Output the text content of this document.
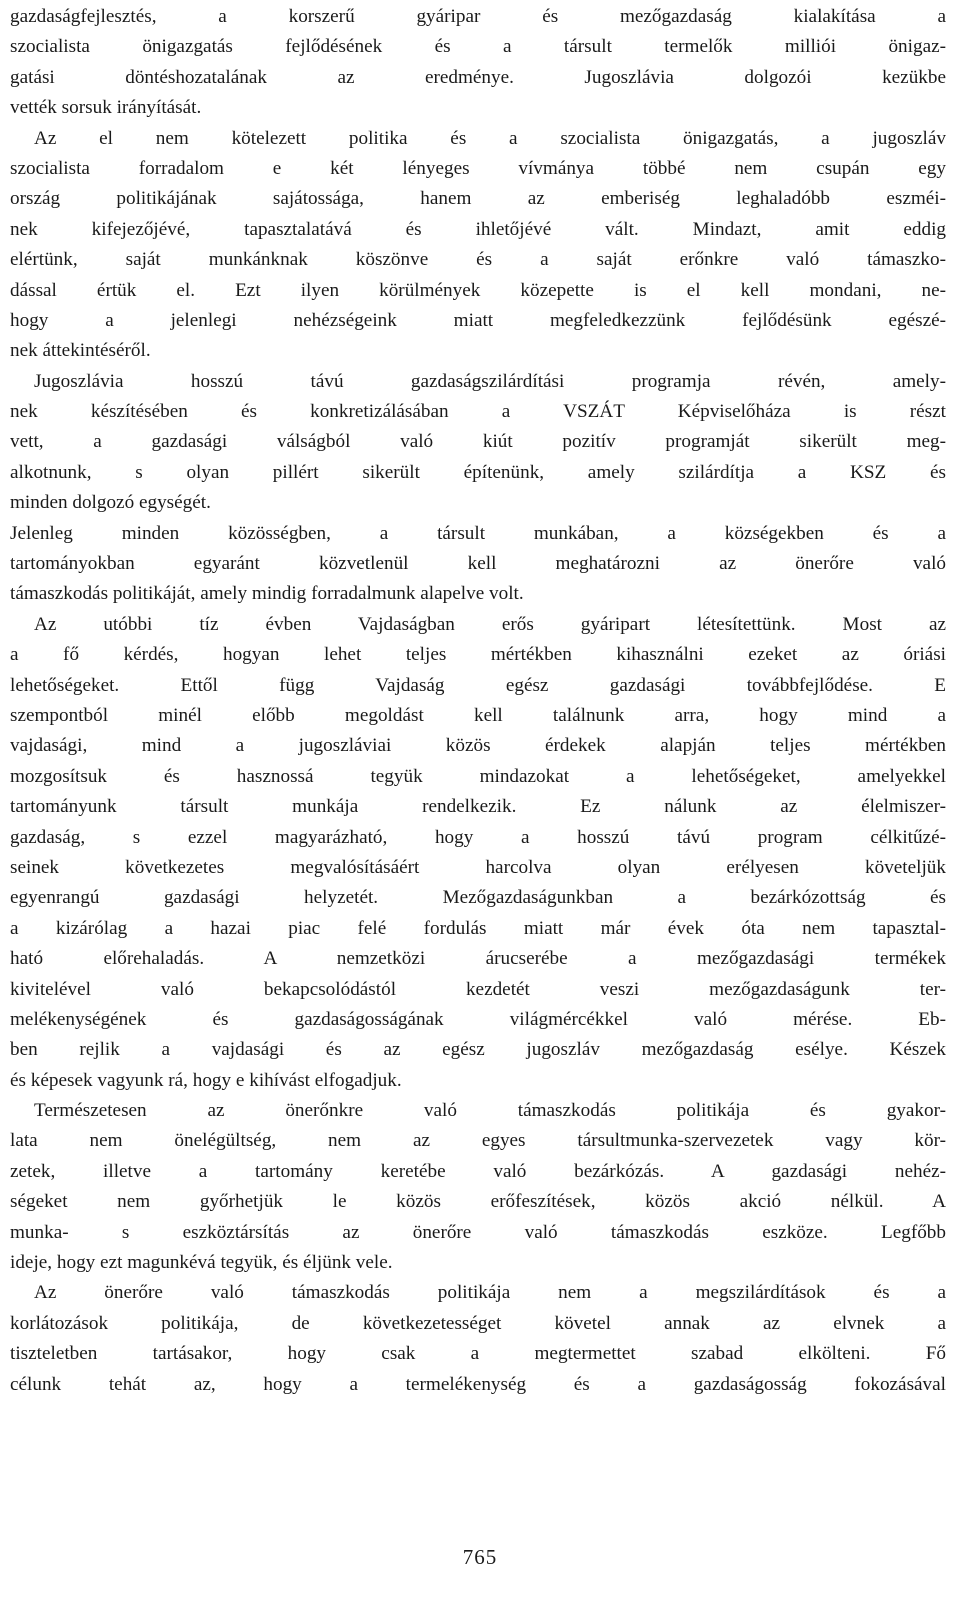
gazdaságfejlesztés, a korszerű gyáripar és mezőgazdaság kialakítása a
szocialista önigazgatás fejlődésének és a társult termelők milliói önigaz-
gatási döntéshozatalának az eredménye. Jugoszlávia dolgozói kezükbe
vették sorsuk irányítását.
Az el nem kötelezett politika és a szocialista önigazgatás, a jugoszláv
szocialista forradalom e két lényeges vívmánya többé nem csupán egy
ország politikájának sajátossága, hanem az emberiség leghaladóbb eszméi-
nek kifejezőjévé, tapasztalatává és ihletőjévé vált. Mindazt, amit eddig
elértünk, saját munkánknak köszönve és a saját erőnkre való támaszko-
dással értük el. Ezt ilyen körülmények közepette is el kell mondani, ne-
hogy a jelenlegi nehézségeink miatt megfeledkezzünk fejlődésünk egészé-
nek áttekintéséről.
Jugoszlávia hosszú távú gazdaságszilárdítási programja révén, amely-
nek készítésében és konkretizálásában a VSZÁT Képviselőháza is részt
vett, a gazdasági válságból való kiút pozitív programját sikerült meg-
alkotnunk, s olyan pillért sikerült építenünk, amely szilárdítja a KSZ és
minden dolgozó egységét.
Jelenleg minden közösségben, a társult munkában, a községekben és a
tartományokban egyaránt közvetlenül kell meghatározni az önerőre való
támaszkodás politikáját, amely mindig forradalmunk alapelve volt.
Az utóbbi tíz évben Vajdaságban erős gyáripart létesítettünk. Most az
a fő kérdés, hogyan lehet teljes mértékben kihasználni ezeket az óriási
lehetőségeket. Ettől függ Vajdaság egész gazdasági továbbfejlődése. E
szempontból minél előbb megoldást kell találnunk arra, hogy mind a
vajdasági, mind a jugoszláviai közös érdekek alapján teljes mértékben
mozgosítsuk és hasznossá tegyük mindazokat a lehetőségeket, amelyekkel
tartományunk társult munkája rendelkezik. Ez nálunk az élelmiszer-
gazdaság, s ezzel magyarázható, hogy a hosszú távú program célkitűzé-
seinek következetes megvalósításáért harcolva olyan erélyesen követeljük
egyenrangú gazdasági helyzetét. Mezőgazdaságunkban a bezárkózottság és
a kizárólag a hazai piac felé fordulás miatt már évek óta nem tapasztal-
ható előrehaladás. A nemzetközi árucserébe a mezőgazdasági termékek
kivitelével való bekapcsolódástól kezdetét veszi mezőgazdaságunk ter-
melékenységének és gazdaságosságának világmércékkel való mérése. Eb-
ben rejlik a vajdasági és az egész jugoszláv mezőgazdaság esélye. Készek
és képesek vagyunk rá, hogy e kihívást elfogadjuk.
Természetesen az önerőnkre való támaszkodás politikája és gyakor-
lata nem önelégültség, nem az egyes társultmunka-szervezetek vagy kör-
zetek, illetve a tartomány keretébe való bezárkózás. A gazdasági nehéz-
ségeket nem győrhetjük le közös erőfeszítések, közös akció nélkül. A
munka- s eszköztársítás az önerőre való támaszkodás eszköze. Legfőbb
ideje, hogy ezt magunkévá tegyük, és éljünk vele.
Az önerőre való támaszkodás politikája nem a megszilárdítások és a
korlátozások politikája, de következetességet követel annak az elvnek a
tiszteletben tartásakor, hogy csak a megtermettet szabad elkölteni. Fő
célunk tehát az, hogy a termelékenység és a gazdaságosság fokozásával
765
